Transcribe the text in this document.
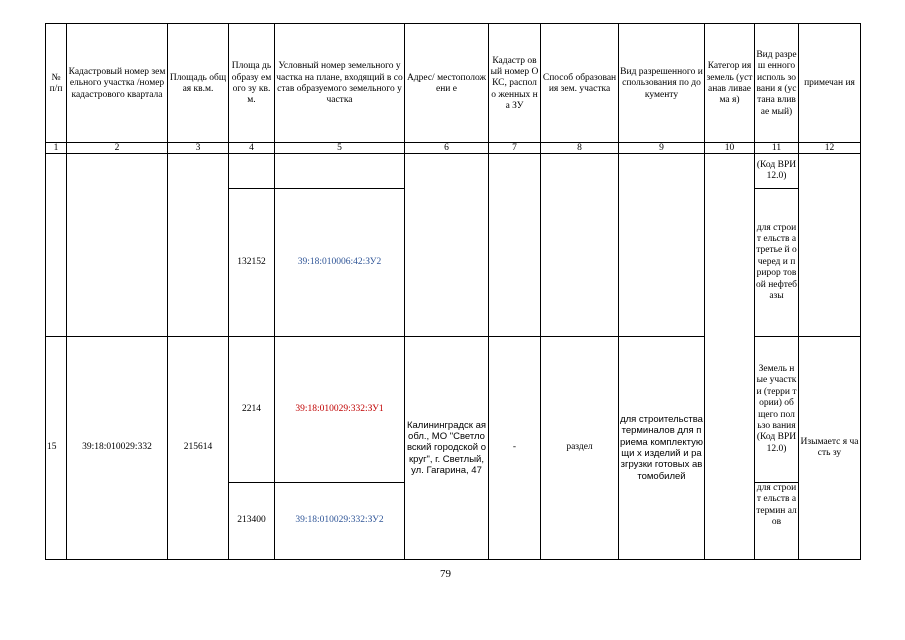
№ п/п	Кадастровый номер земельного участка /номер кадастрового квартала	Площадь общая кв.м.	Площа дь образу емого зу кв.м.	Условный номер земельного участка на плане, входящий в состав образуемого земельного участка	Адрес/ местоположени е	Кадастр овый номер ОКС, располо женных на ЗУ	Способ образования зем. участка	Вид разрешенного использования по документу	Категор ия земель (устанав ливаема я)	Вид разреш енного исполь зовани я (устана вливае мый)	примечан ия
1	2	3	4	5	6	7	8	9	10	11	12
										(Код ВРИ 12.0)	
			132152	39:18:010006:42:ЗУ2						для строит ельств а третье й очеред и прирор товой нефтеб азы	
15	39:18:010029:332	215614	2214	39:18:010029:332:ЗУ1	Калининградск ая обл., МО "Светловский городской округ", г. Светлый, ул. Гагарина, 47	-	раздел	для строительства терминалов для приема комплектующи х изделий и разгрузки готовых автомобилей		Земель ные участк и (терри тории) общего пользо вания (Код ВРИ 12.0)	Изымаетс я часть зу
			213400	39:18:010029:332:ЗУ2						для строит ельств а термин алов	
79
